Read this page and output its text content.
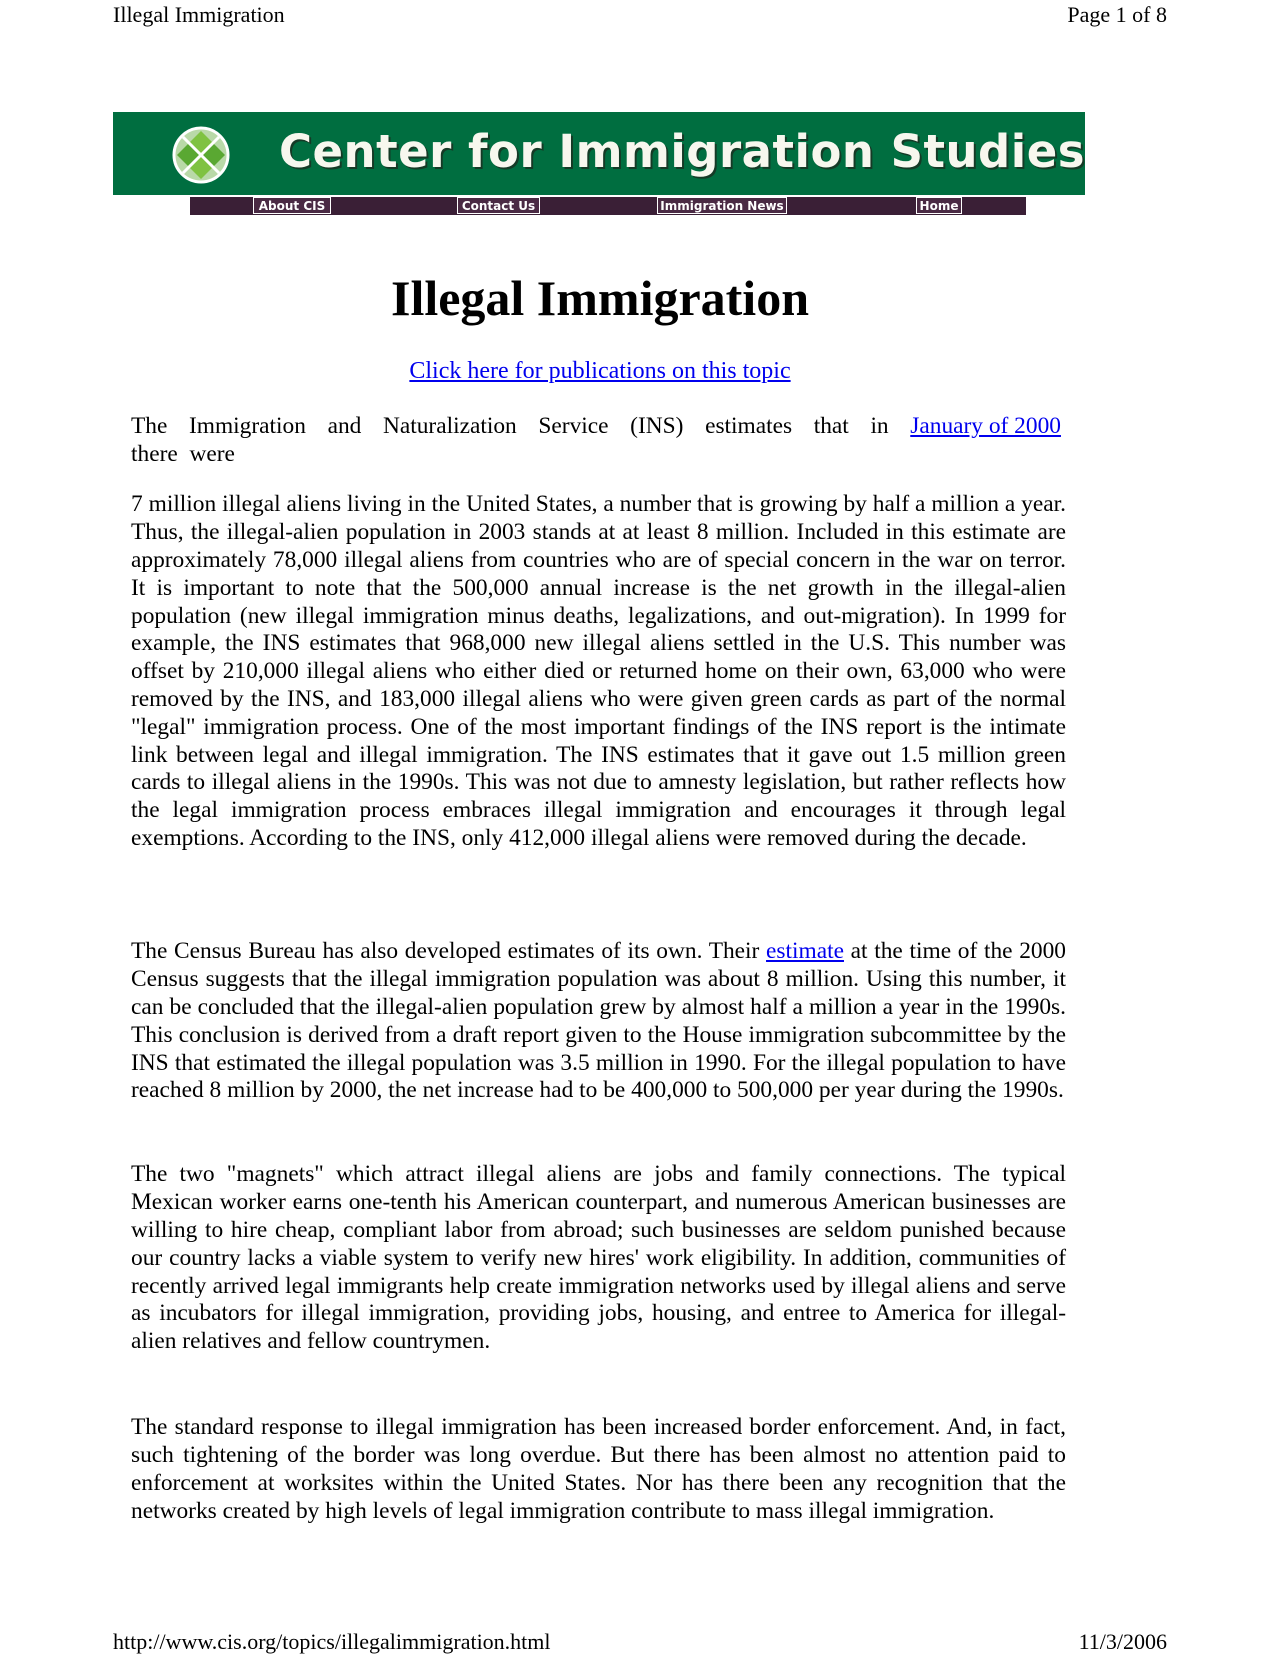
Illegal Immigration	Page 1 of 8
Center for Immigration Studies
About CIS	Contact Us	Immigration News	Home
Illegal Immigration
Click here for publications on this topic
The Immigration and Naturalization Service (INS) estimates that in January of 2000
there  were

7 million illegal aliens living in the United States, a number that is growing by half a million a year. Thus, the illegal-alien population in 2003 stands at at least 8 million. Included in this estimate are approximately 78,000 illegal aliens from countries who are of special concern in the war on terror. It is important to note that the 500,000 annual increase is the net growth in the illegal-alien population (new illegal immigration minus deaths, legalizations, and out-migration). In 1999 for example, the INS estimates that 968,000 new illegal aliens settled in the U.S. This number was offset by 210,000 illegal aliens who either died or returned home on their own, 63,000 who were removed by the INS, and 183,000 illegal aliens who were given green cards as part of the normal "legal" immigration process. One of the most important findings of the INS report is the intimate link between legal and illegal immigration. The INS estimates that it gave out 1.5 million green cards to illegal aliens in the 1990s. This was not due to amnesty legislation, but rather reflects how the legal immigration process embraces illegal immigration and encourages it through legal exemptions. According to the INS, only 412,000 illegal aliens were removed during the decade.

The Census Bureau has also developed estimates of its own. Their estimate at the time of the 2000 Census suggests that the illegal immigration population was about 8 million. Using this number, it can be concluded that the illegal-alien population grew by almost half a million a year in the 1990s. This conclusion is derived from a draft report given to the House immigration subcommittee by the INS that estimated the illegal population was 3.5 million in 1990. For the illegal population to have reached 8 million by 2000, the net increase had to be 400,000 to 500,000 per year during the 1990s.

The two "magnets" which attract illegal aliens are jobs and family connections. The typical Mexican worker earns one-tenth his American counterpart, and numerous American businesses are willing to hire cheap, compliant labor from abroad; such businesses are seldom punished because our country lacks a viable system to verify new hires' work eligibility. In addition, communities of recently arrived legal immigrants help create immigration networks used by illegal aliens and serve as incubators for illegal immigration, providing jobs, housing, and entree to America for illegal-alien relatives and fellow countrymen.

The standard response to illegal immigration has been increased border enforcement. And, in fact, such tightening of the border was long overdue. But there has been almost no attention paid to enforcement at worksites within the United States. Nor has there been any recognition that the networks created by high levels of legal immigration contribute to mass illegal immigration.

http://www.cis.org/topics/illegalimmigration.html	11/3/2006
